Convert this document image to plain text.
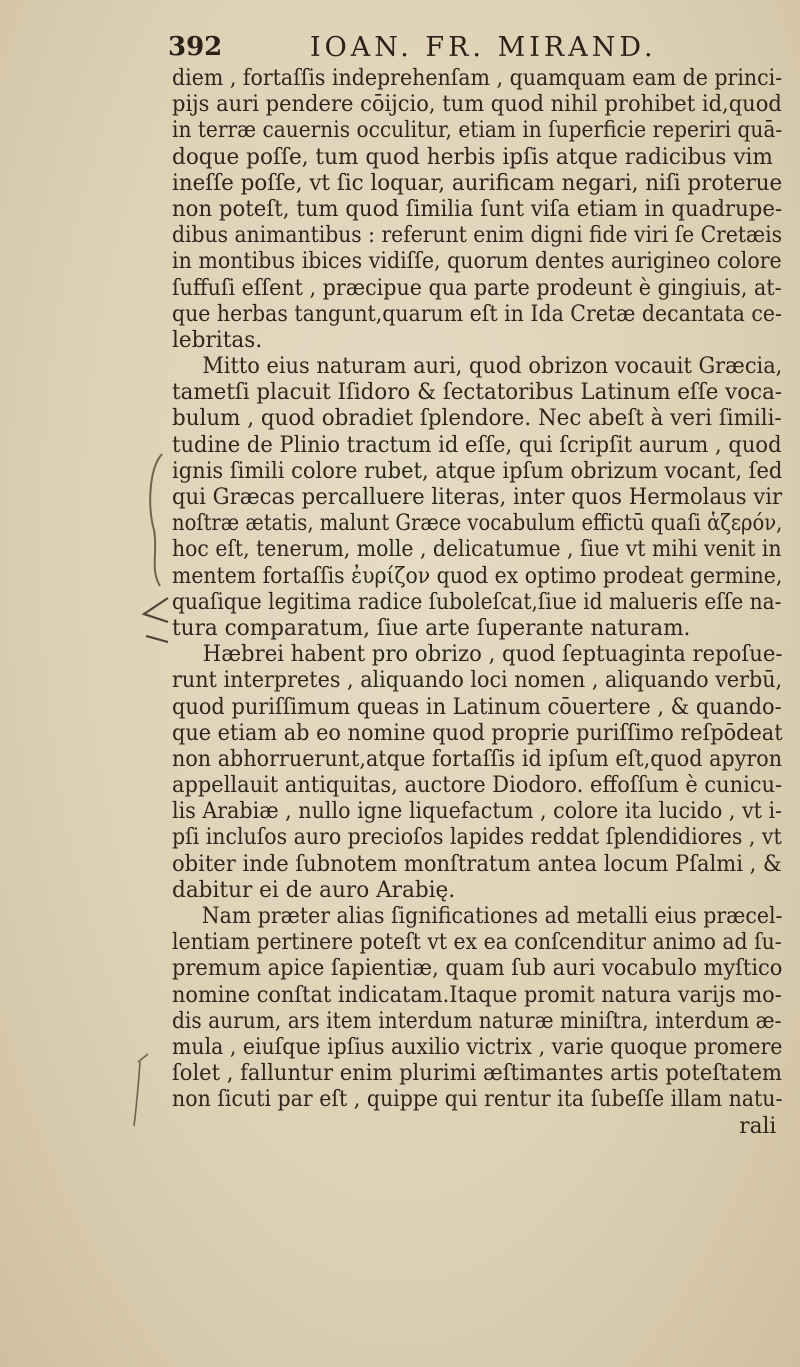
392	IOAN. FR. MIRAND.
diem , fortaſſis indeprehenſam , quamquam eam de princi-
pijs auri pendere cōijcio, tum quod nihil prohibet id,quod
in terræ cauernis occulitur, etiam in ſuperficie reperiri quā-
doque poſſe, tum quod herbis ipſis atque radicibus vim
ineſſe poſſe, vt ſic loquar, aurificam negari, niſi proterue
non poteſt, tum quod ſimilia ſunt viſa etiam in quadrupe-
dibus animantibus : referunt enim digni fide viri ſe Cretæis
in montibus ibices vidiſſe, quorum dentes aurigineo colore
ſuffuſi eſſent , præcipue qua parte prodeunt è gingiuis, at-
que herbas tangunt,quarum eſt in Ida Cretæ decantata ce-
lebritas.
Mitto eius naturam auri, quod obrizon vocauit Græcia,
tametſi placuit Iſidoro & ſectatoribus Latinum eſſe voca-
bulum , quod obradiet ſplendore. Nec abeſt à veri ſimili-
tudine de Plinio tractum id eſſe, qui ſcripſit aurum , quod
ignis ſimili colore rubet, atque ipſum obrizum vocant, ſed
qui Græcas percalluere literas, inter quos Hermolaus vir
noſtræ ætatis, malunt Græce vocabulum effictū quaſi ἁζερόν,
hoc eſt, tenerum, molle , delicatumue , ſiue vt mihi venit in
mentem fortaſſis ἐυρίζον quod ex optimo prodeat germine,
quaſique legitima radice ſuboleſcat,ſiue id malueris eſſe na-
tura comparatum, ſiue arte ſuperante naturam.
Hæbrei habent pro obrizo , quod ſeptuaginta repoſue-
runt interpretes , aliquando loci nomen , aliquando verbū,
quod puriſſimum queas in Latinum cōuertere , & quando-
que etiam ab eo nomine quod proprie puriſſimo reſpōdeat
non abhorruerunt,atque fortaſſis id ipſum eſt,quod apyron
appellauit antiquitas, auctore Diodoro. effoſſum è cunicu-
lis Arabiæ , nullo igne liquefactum , colore ita lucido , vt i-
pſi incluſos auro precioſos lapides reddat ſplendidiores , vt
obiter inde ſubnotem monſtratum antea locum Pſalmi , &
dabitur ei de auro Arabię.
Nam præter alias ſignificationes ad metalli eius præcel-
lentiam pertinere poteſt vt ex ea conſcenditur animo ad ſu-
premum apice ſapientiæ, quam ſub auri vocabulo myſtico
nomine conſtat indicatam.Itaque promit natura varijs mo-
dis aurum, ars item interdum naturæ miniſtra, interdum æ-
mula , eiuſque ipſius auxilio victrix , varie quoque promere
ſolet , falluntur enim plurimi æſtimantes artis poteſtatem
non ſicuti par eſt , quippe qui rentur ita ſubeſſe illam natu-
rali
